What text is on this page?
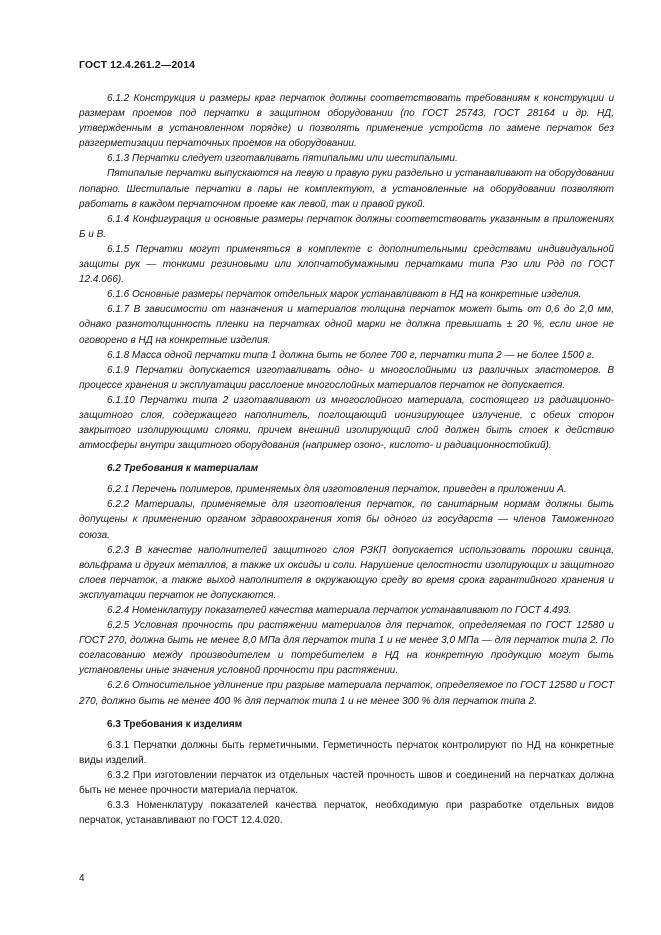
ГОСТ 12.4.261.2—2014

6.1.2 Конструкция и размеры краг перчаток должны соответствовать требованиям к конструкции и размерам проемов под перчатки в защитном оборудовании (по ГОСТ 25743, ГОСТ 28164 и др. НД, утвержденным в установленном порядке) и позволять применение устройств по замене перчаток без разгерметизации перчаточных проемов на оборудовании.

6.1.3 Перчатки следует изготавливать пятипалыми или шестипалыми.

Пятипалые перчатки выпускаются на левую и правую руки раздельно и устанавливают на оборудовании попарно. Шестипалые перчатки в пары не комплектуют, а установленные на оборудовании позволяют работать в каждом перчаточном проеме как левой, так и правой рукой.

6.1.4 Конфигурация и основные размеры перчаток должны соответствовать указанным в приложениях Б и В.

6.1.5 Перчатки могут применяться в комплекте с дополнительными средствами индивидуальной защиты рук — тонкими резиновыми или хлопчатобумажными перчатками типа Рзо или Рдд по ГОСТ 12.4.066).

6.1.6 Основные размеры перчаток отдельных марок устанавливают в НД на конкретные изделия.

6.1.7 В зависимости от назначения и материалов толщина перчаток может быть от 0,6 до 2,0 мм, однако разнотолщинность пленки на перчатках одной марки не должна превышать ± 20 %, если иное не оговорено в НД на конкретные изделия.

6.1.8 Масса одной перчатки типа 1 должна быть не более 700 г, перчатки типа 2 — не более 1500 г.

6.1.9 Перчатки допускается изготавливать одно- и многослойными из различных эластомеров. В процессе хранения и эксплуатации расслоение многослойных материалов перчаток не допускается.

6.1.10 Перчатки типа 2 изготавливают из многослойного материала, состоящего из радиационно-защитного слоя, содержащего наполнитель, поглощающий ионизирующее излучение, с обеих сторон закрытого изолирующими слоями, причем внешний изолирующий слой должен быть стоек к действию атмосферы внутри защитного оборудования (например озоно-, кислото- и радиационностойкий).

6.2 Требования к материалам

6.2.1 Перечень полимеров, применяемых для изготовления перчаток, приведен в приложении А.

6.2.2 Материалы, применяемые для изготовления перчаток, по санитарным нормам должны быть допущены к применению органом здравоохранения хотя бы одного из государств — членов Таможенного союза.

6.2.3 В качестве наполнителей защитного слоя РЗКП допускается использовать порошки свинца, вольфрама и других металлов, а также их оксиды и соли. Нарушение целостности изолирующих и защитного слоев перчаток, а также выход наполнителя в окружающую среду во время срока гарантийного хранения и эксплуатации перчаток не допускаются.

6.2.4 Номенклатуру показателей качества материала перчаток устанавливают по ГОСТ 4.493.

6.2.5 Условная прочность при растяжении материалов для перчаток, определяемая по ГОСТ 12580 и ГОСТ 270, должна быть не менее 8,0 МПа для перчаток типа 1 и не менее 3,0 МПа — для перчаток типа 2. По согласованию между производителем и потребителем в НД на конкретную продукцию могут быть установлены иные значения условной прочности при растяжении.

6.2.6 Относительное удлинение при разрыве материала перчаток, определяемое по ГОСТ 12580 и ГОСТ 270, должно быть не менее 400 % для перчаток типа 1 и не менее 300 % для перчаток типа 2.

6.3 Требования к изделиям

6.3.1 Перчатки должны быть герметичными. Герметичность перчаток контролируют по НД на конкретные виды изделий.

6.3.2 При изготовлении перчаток из отдельных частей прочность швов и соединений на перчатках должна быть не менее прочности материала перчаток.

6.3.3 Номенклатуру показателей качества перчаток, необходимую при разработке отдельных видов перчаток, устанавливают по ГОСТ 12.4.020.

4
